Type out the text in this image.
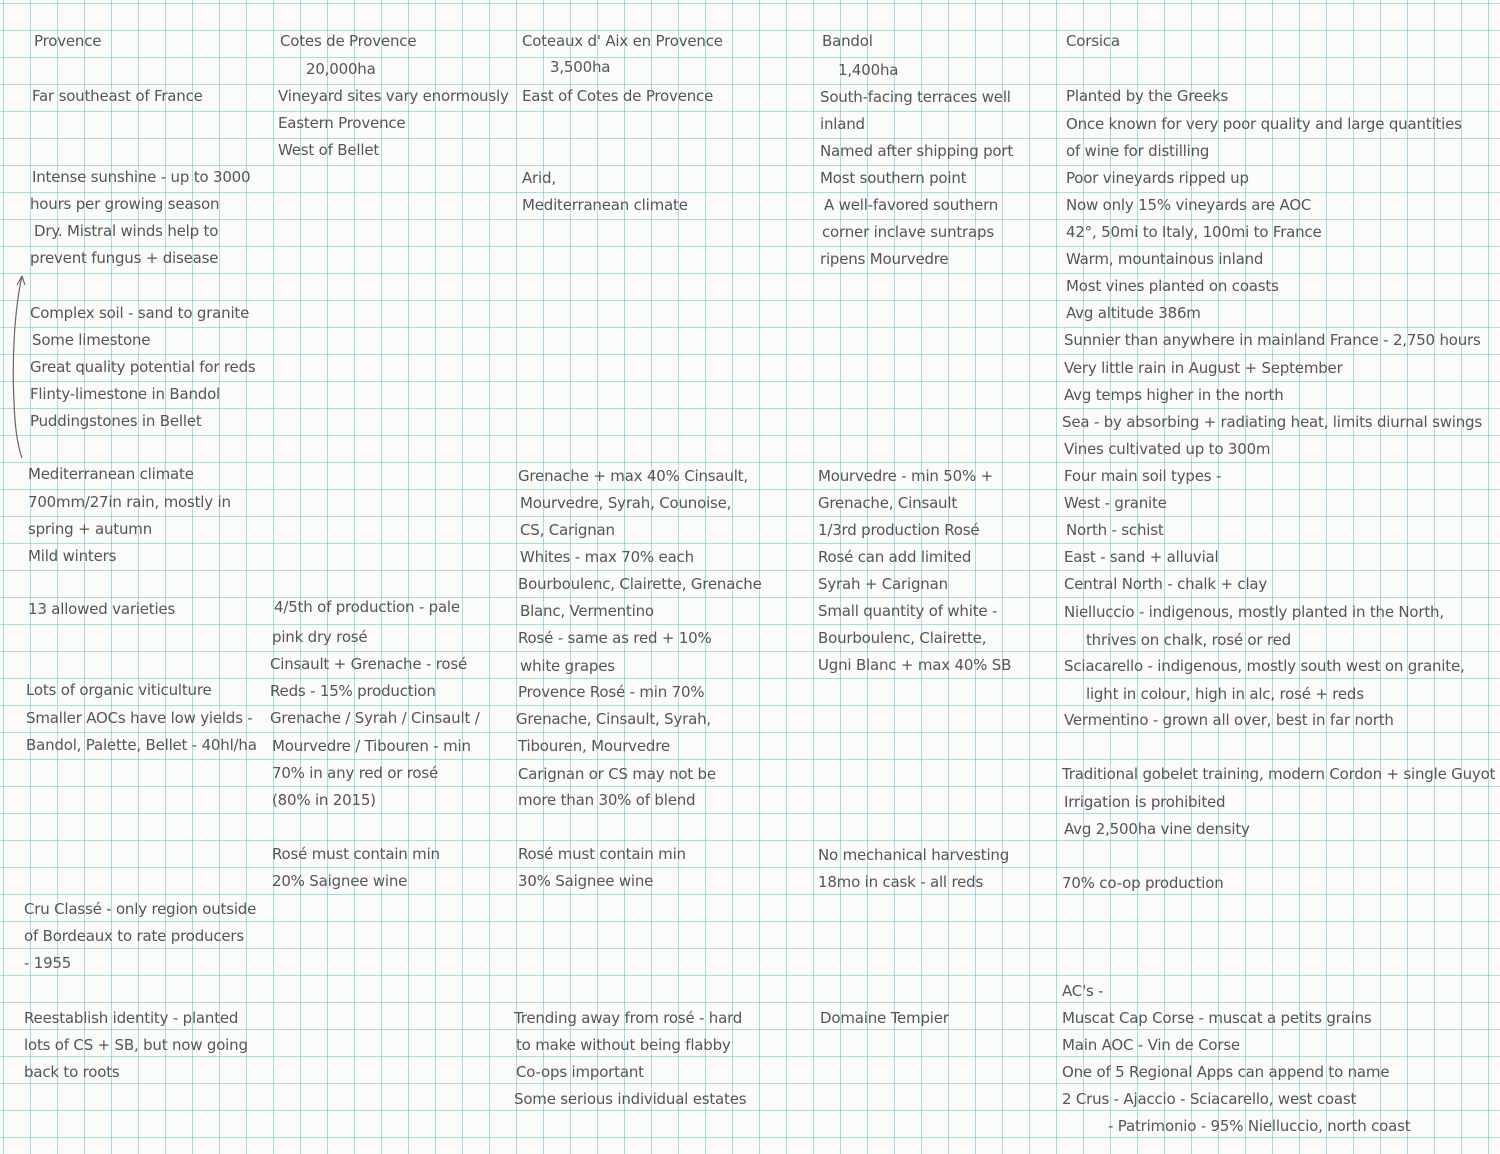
Provence
Far southeast of France
Intense sunshine - up to 3000
hours per growing season
Dry. Mistral winds help to
prevent fungus + disease
Complex soil - sand to granite
Some limestone
Great quality potential for reds
Flinty-limestone in Bandol
Puddingstones in Bellet
Mediterranean climate
700mm/27in rain, mostly in
spring + autumn
Mild winters
13 allowed varieties
Lots of organic viticulture
Smaller AOCs have low yields -
Bandol, Palette, Bellet - 40hl/ha
Cru Classé - only region outside
of Bordeaux to rate producers
- 1955
Reestablish identity - planted
lots of CS + SB, but now going
back to roots
Cotes de Provence
20,000ha
Vineyard sites vary enormously
Eastern Provence
West of Bellet
4/5th of production - pale
pink dry rosé
Cinsault + Grenache - rosé
Reds - 15% production
Grenache / Syrah / Cinsault /
Mourvedre / Tibouren - min
70% in any red or rosé
(80% in 2015)
Rosé must contain min
20% Saignee wine
Coteaux d' Aix en Provence
3,500ha
East of Cotes de Provence
Arid,
Mediterranean climate
Grenache + max 40% Cinsault,
Mourvedre, Syrah, Counoise,
CS, Carignan
Whites - max 70% each
Bourboulenc, Clairette, Grenache
Blanc, Vermentino
Rosé - same as red + 10%
white grapes
Provence Rosé - min 70%
Grenache, Cinsault, Syrah,
Tibouren, Mourvedre
Carignan or CS may not be
more than 30% of blend
Rosé must contain min
30% Saignee wine
Trending away from rosé - hard
to make without being flabby
Co-ops important
Some serious individual estates
Bandol
1,400ha
South-facing terraces well
inland
Named after shipping port
Most southern point
A well-favored southern
corner inclave suntraps
ripens Mourvedre
Mourvedre - min 50% +
Grenache, Cinsault
1/3rd production Rosé
Rosé can add limited
Syrah + Carignan
Small quantity of white -
Bourboulenc, Clairette,
Ugni Blanc + max 40% SB
No mechanical harvesting
18mo in cask - all reds
Domaine Tempier
Corsica
Planted by the Greeks
Once known for very poor quality and large quantities
of wine for distilling
Poor vineyards ripped up
Now only 15% vineyards are AOC
42°, 50mi to Italy, 100mi to France
Warm, mountainous inland
Most vines planted on coasts
Avg altitude 386m
Sunnier than anywhere in mainland France - 2,750 hours
Very little rain in August + September
Avg temps higher in the north
Sea - by absorbing + radiating heat, limits diurnal swings
Vines cultivated up to 300m
Four main soil types -
West - granite
North - schist
East - sand + alluvial
Central North - chalk + clay
Nielluccio - indigenous, mostly planted in the North,
thrives on chalk, rosé or red
Sciacarello - indigenous, mostly south west on granite,
light in colour, high in alc, rosé + reds
Vermentino - grown all over, best in far north
Traditional gobelet training, modern Cordon + single Guyot
Irrigation is prohibited
Avg 2,500ha vine density
70% co-op production
AC's -
Muscat Cap Corse - muscat a petits grains
Main AOC - Vin de Corse
One of 5 Regional Apps can append to name
2 Crus - Ajaccio - Sciacarello, west coast
- Patrimonio - 95% Nielluccio, north coast
